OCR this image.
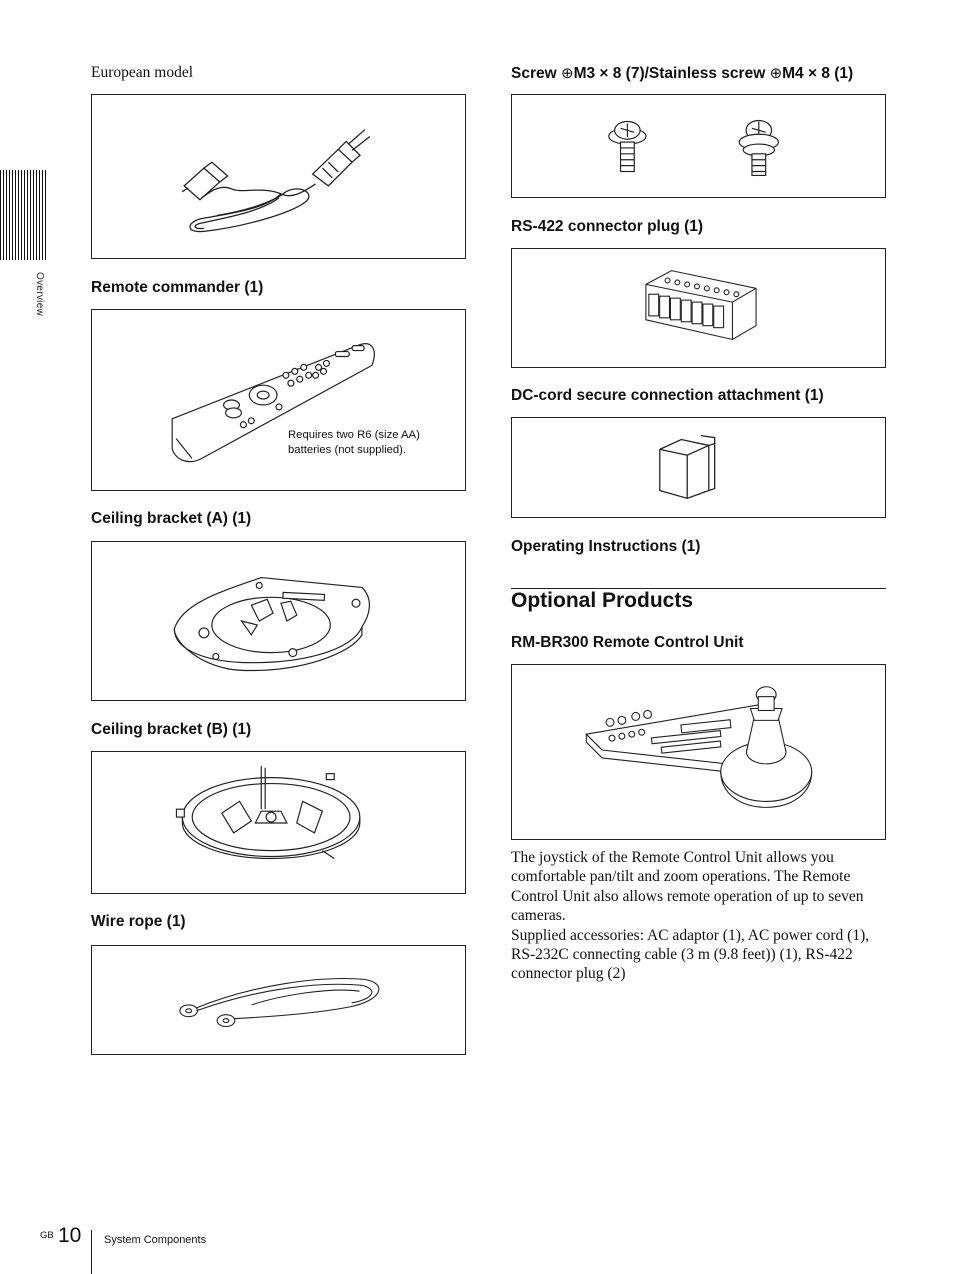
Overview
European model
Remote commander (1)
Requires two R6 (size AA)
batteries (not supplied).
Ceiling bracket (A) (1)
Ceiling bracket (B) (1)
Wire rope (1)
Screw ⊕M3 × 8 (7)/Stainless screw ⊕M4 × 8 (1)
RS-422 connector plug (1)
DC-cord secure connection attachment (1)
Operating Instructions (1)
Optional Products
RM-BR300 Remote Control Unit

The joystick of the Remote Control Unit allows you comfortable pan/tilt and zoom operations. The Remote Control Unit also allows remote operation of up to seven cameras.

Supplied accessories: AC adaptor (1), AC power cord (1), RS-232C connecting cable (3 m (9.8 feet)) (1), RS-422 connector plug (2)

GB 10 System Components
